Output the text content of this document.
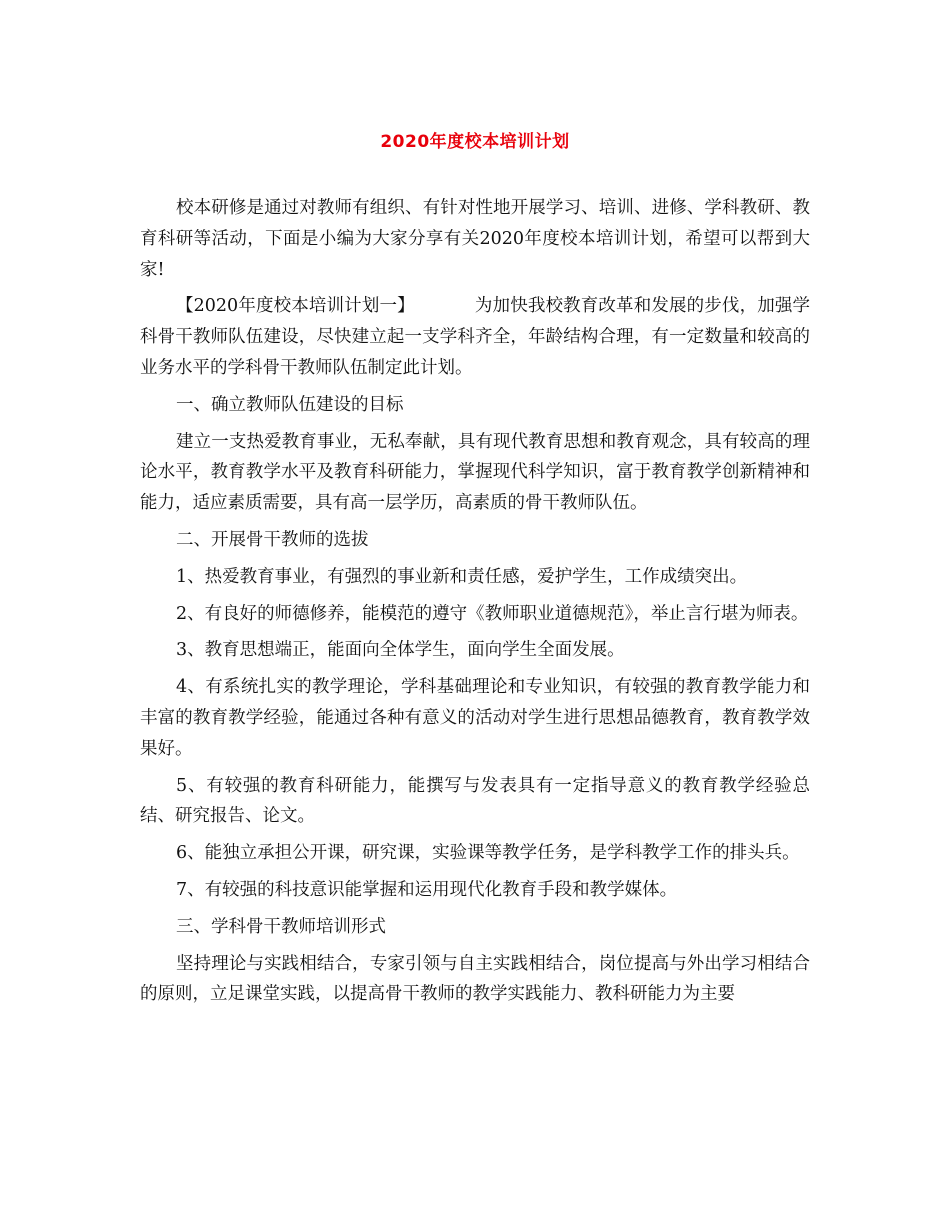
2020年度校本培训计划

校本研修是通过对教师有组织、有针对性地开展学习、培训、进修、学科教研、教育科研等活动，下面是小编为大家分享有关2020年度校本培训计划，希望可以帮到大家!

【2020年度校本培训计划一】	为加快我校教育改革和发展的步伐，加强学科骨干教师队伍建设，尽快建立起一支学科齐全，年龄结构合理，有一定数量和较高的业务水平的学科骨干教师队伍制定此计划。

一、确立教师队伍建设的目标

建立一支热爱教育事业，无私奉献，具有现代教育思想和教育观念，具有较高的理论水平，教育教学水平及教育科研能力，掌握现代科学知识，富于教育教学创新精神和能力，适应素质需要，具有高一层学历，高素质的骨干教师队伍。

二、开展骨干教师的选拔

1、热爱教育事业，有强烈的事业新和责任感，爱护学生，工作成绩突出。

2、有良好的师德修养，能模范的遵守《教师职业道德规范》，举止言行堪为师表。

3、教育思想端正，能面向全体学生，面向学生全面发展。

4、有系统扎实的教学理论，学科基础理论和专业知识，有较强的教育教学能力和丰富的教育教学经验，能通过各种有意义的活动对学生进行思想品德教育，教育教学效果好。

5、有较强的教育科研能力，能撰写与发表具有一定指导意义的教育教学经验总结、研究报告、论文。

6、能独立承担公开课，研究课，实验课等教学任务，是学科教学工作的排头兵。

7、有较强的科技意识能掌握和运用现代化教育手段和教学媒体。

三、学科骨干教师培训形式

坚持理论与实践相结合，专家引领与自主实践相结合，岗位提高与外出学习相结合的原则，立足课堂实践，以提高骨干教师的教学实践能力、教科研能力为主要
